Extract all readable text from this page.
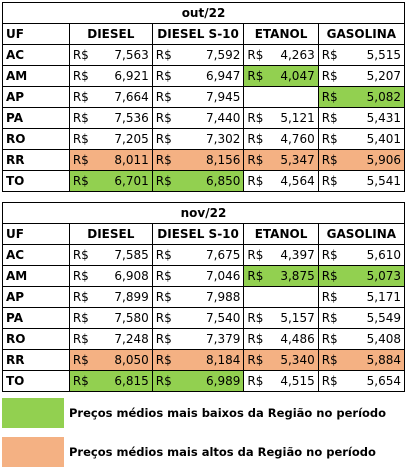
out/22								
UF	DIESEL		DIESEL S-10		ETANOL		GASOLINA	
AC	R$	7,563	R$	7,592	R$	4,263	R$	5,515
AM	R$	6,921	R$	6,947	R$	4,047	R$	5,207
AP	R$	7,664	R$	7,945			R$	5,082
PA	R$	7,536	R$	7,440	R$	5,121	R$	5,431
RO	R$	7,205	R$	7,302	R$	4,760	R$	5,401
RR	R$	8,011	R$	8,156	R$	5,347	R$	5,906
TO	R$	6,701	R$	6,850	R$	4,564	R$	5,541
nov/22								
UF	DIESEL		DIESEL S-10		ETANOL		GASOLINA	
AC	R$	7,585	R$	7,675	R$	4,397	R$	5,610
AM	R$	6,908	R$	7,046	R$	3,875	R$	5,073
AP	R$	7,899	R$	7,988			R$	5,171
PA	R$	7,580	R$	7,540	R$	5,157	R$	5,549
RO	R$	7,248	R$	7,379	R$	4,486	R$	5,408
RR	R$	8,050	R$	8,184	R$	5,340	R$	5,884
TO	R$	6,815	R$	6,989	R$	4,515	R$	5,654
Preços médios mais baixos da Região no período
Preços médios mais altos da Região no período
